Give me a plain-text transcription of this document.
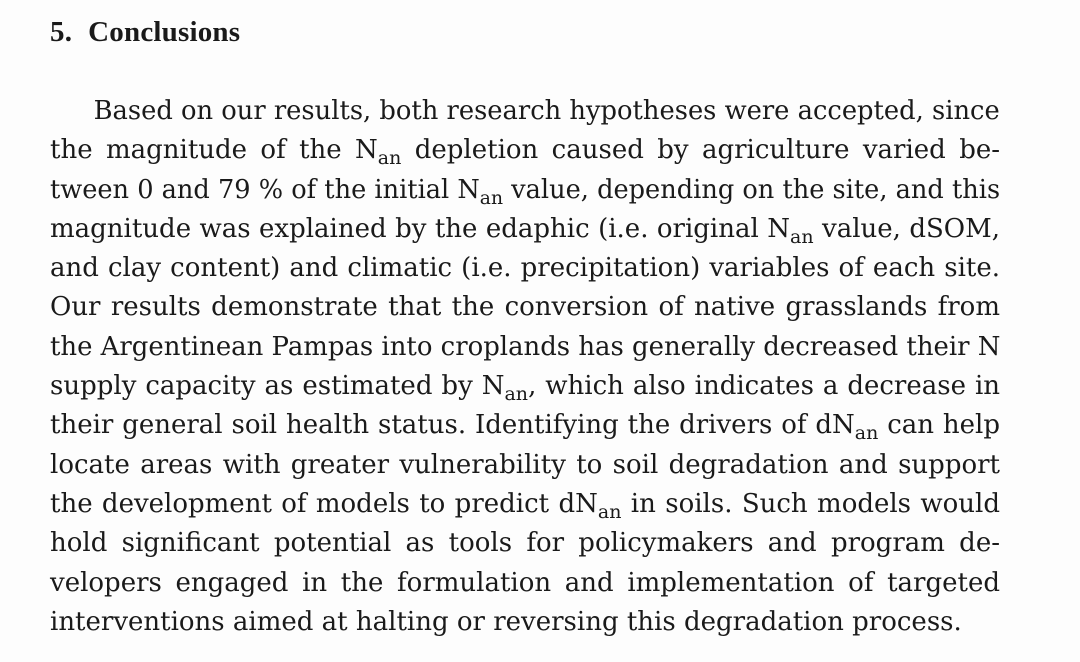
5. Conclusions
Based on our results, both research hypotheses were accepted, since
the magnitude of the $N_{an}$ depletion caused by agriculture varied be-
tween 0 and 79 % of the initial $N_{an}$ value, depending on the site, and this
magnitude was explained by the edaphic (i.e. original $N_{an}$ value, dSOM,
and clay content) and climatic (i.e. precipitation) variables of each site.
Our results demonstrate that the conversion of native grasslands from
the Argentinean Pampas into croplands has generally decreased their N
supply capacity as estimated by $N_{an}$, which also indicates a decrease in
their general soil health status. Identifying the drivers of $dN_{an}$ can help
locate areas with greater vulnerability to soil degradation and support
the development of models to predict $dN_{an}$ in soils. Such models would
hold significant potential as tools for policymakers and program de-
velopers engaged in the formulation and implementation of targeted
interventions aimed at halting or reversing this degradation process.
